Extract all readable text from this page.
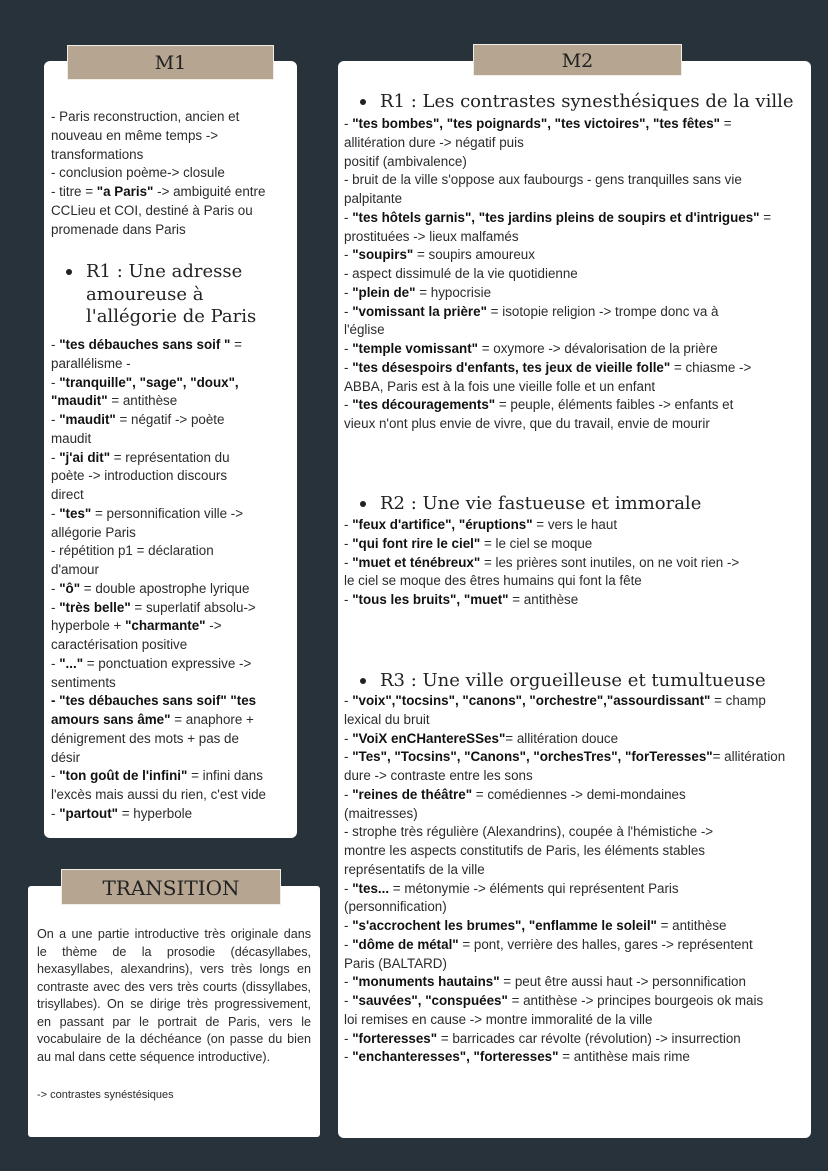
M1
- Paris reconstruction, ancien et
nouveau en même temps ->
transformations
- conclusion poème-> closule
- titre = "a Paris" -> ambiguité entre
CCLieu et COI, destiné à Paris ou
promenade dans Paris
R1 : Une adresse
amoureuse à
l'allégorie de Paris
- "tes débauches sans soif " =
parallélisme -
- "tranquille", "sage", "doux",
"maudit" = antithèse
- "maudit" = négatif -> poète
maudit
- "j'ai dit" = représentation du
poète -> introduction discours
direct
- "tes" = personnification ville ->
allégorie Paris
- répétition p1 = déclaration
d'amour
- "ô" = double apostrophe lyrique
- "très belle" = superlatif absolu->
hyperbole + "charmante" ->
caractérisation positive
- "..." = ponctuation expressive ->
sentiments
- "tes débauches sans soif" "tes
amours sans âme" = anaphore +
dénigrement des mots + pas de
désir
- "ton goût de l'infini" = infini dans
l'excès mais aussi du rien, c'est vide
- "partout" = hyperbole
TRANSITION
On a une partie introductive très originale dans le thème de la prosodie (décasyllabes, hexasyllabes, alexandrins), vers très longs en contraste avec des vers très courts (dissyllabes, trisyllabes). On se dirige très progressivement, en passant par le portrait de Paris, vers le vocabulaire de la déchéance (on passe du bien au mal dans cette séquence introductive).
-> contrastes synéstésiques
M2
R1 : Les contrastes synesthésiques de la ville
- "tes bombes", "tes poignards", "tes victoires", "tes fêtes" =
allitération dure -> négatif puis
positif (ambivalence)
- bruit de la ville s'oppose aux faubourgs - gens tranquilles sans vie
palpitante
- "tes hôtels garnis", "tes jardins pleins de soupirs et d'intrigues" =
prostituées -> lieux malfamés
- "soupirs" = soupirs amoureux
- aspect dissimulé de la vie quotidienne
- "plein de" = hypocrisie
- "vomissant la prière" = isotopie religion -> trompe donc va à
l'église
- "temple vomissant" = oxymore -> dévalorisation de la prière
- "tes désespoirs d'enfants, tes jeux de vieille folle" = chiasme ->
ABBA, Paris est à la fois une vieille folle et un enfant
- "tes découragements" = peuple, éléments faibles -> enfants et
vieux n'ont plus envie de vivre, que du travail, envie de mourir
R2 : Une vie fastueuse et immorale
- "feux d'artifice", "éruptions" = vers le haut
- "qui font rire le ciel" = le ciel se moque
- "muet et ténébreux" = les prières sont inutiles, on ne voit rien ->
le ciel se moque des êtres humains qui font la fête
- "tous les bruits", "muet" = antithèse
R3 : Une ville orgueilleuse et tumultueuse
- "voix","tocsins", "canons", "orchestre","assourdissant" = champ
lexical du bruit
- "VoiX enCHantereSSes"= allitération douce
- "Tes", "Tocsins", "Canons", "orchesTres", "forTeresses"= allitération
dure -> contraste entre les sons
- "reines de théâtre" = comédiennes -> demi-mondaines
(maitresses)
- strophe très régulière (Alexandrins), coupée à l'hémistiche ->
montre les aspects constitutifs de Paris, les éléments stables
représentatifs de la ville
- "tes... = métonymie -> éléments qui représentent Paris
(personnification)
- "s'accrochent les brumes", "enflamme le soleil" = antithèse
- "dôme de métal" = pont, verrière des halles, gares -> représentent
Paris (BALTARD)
- "monuments hautains" = peut être aussi haut -> personnification
- "sauvées", "conspuées" = antithèse -> principes bourgeois ok mais
loi remises en cause -> montre immoralité de la ville
- "forteresses" = barricades car révolte (révolution) -> insurrection
- "enchanteresses", "forteresses" = antithèse mais rime
